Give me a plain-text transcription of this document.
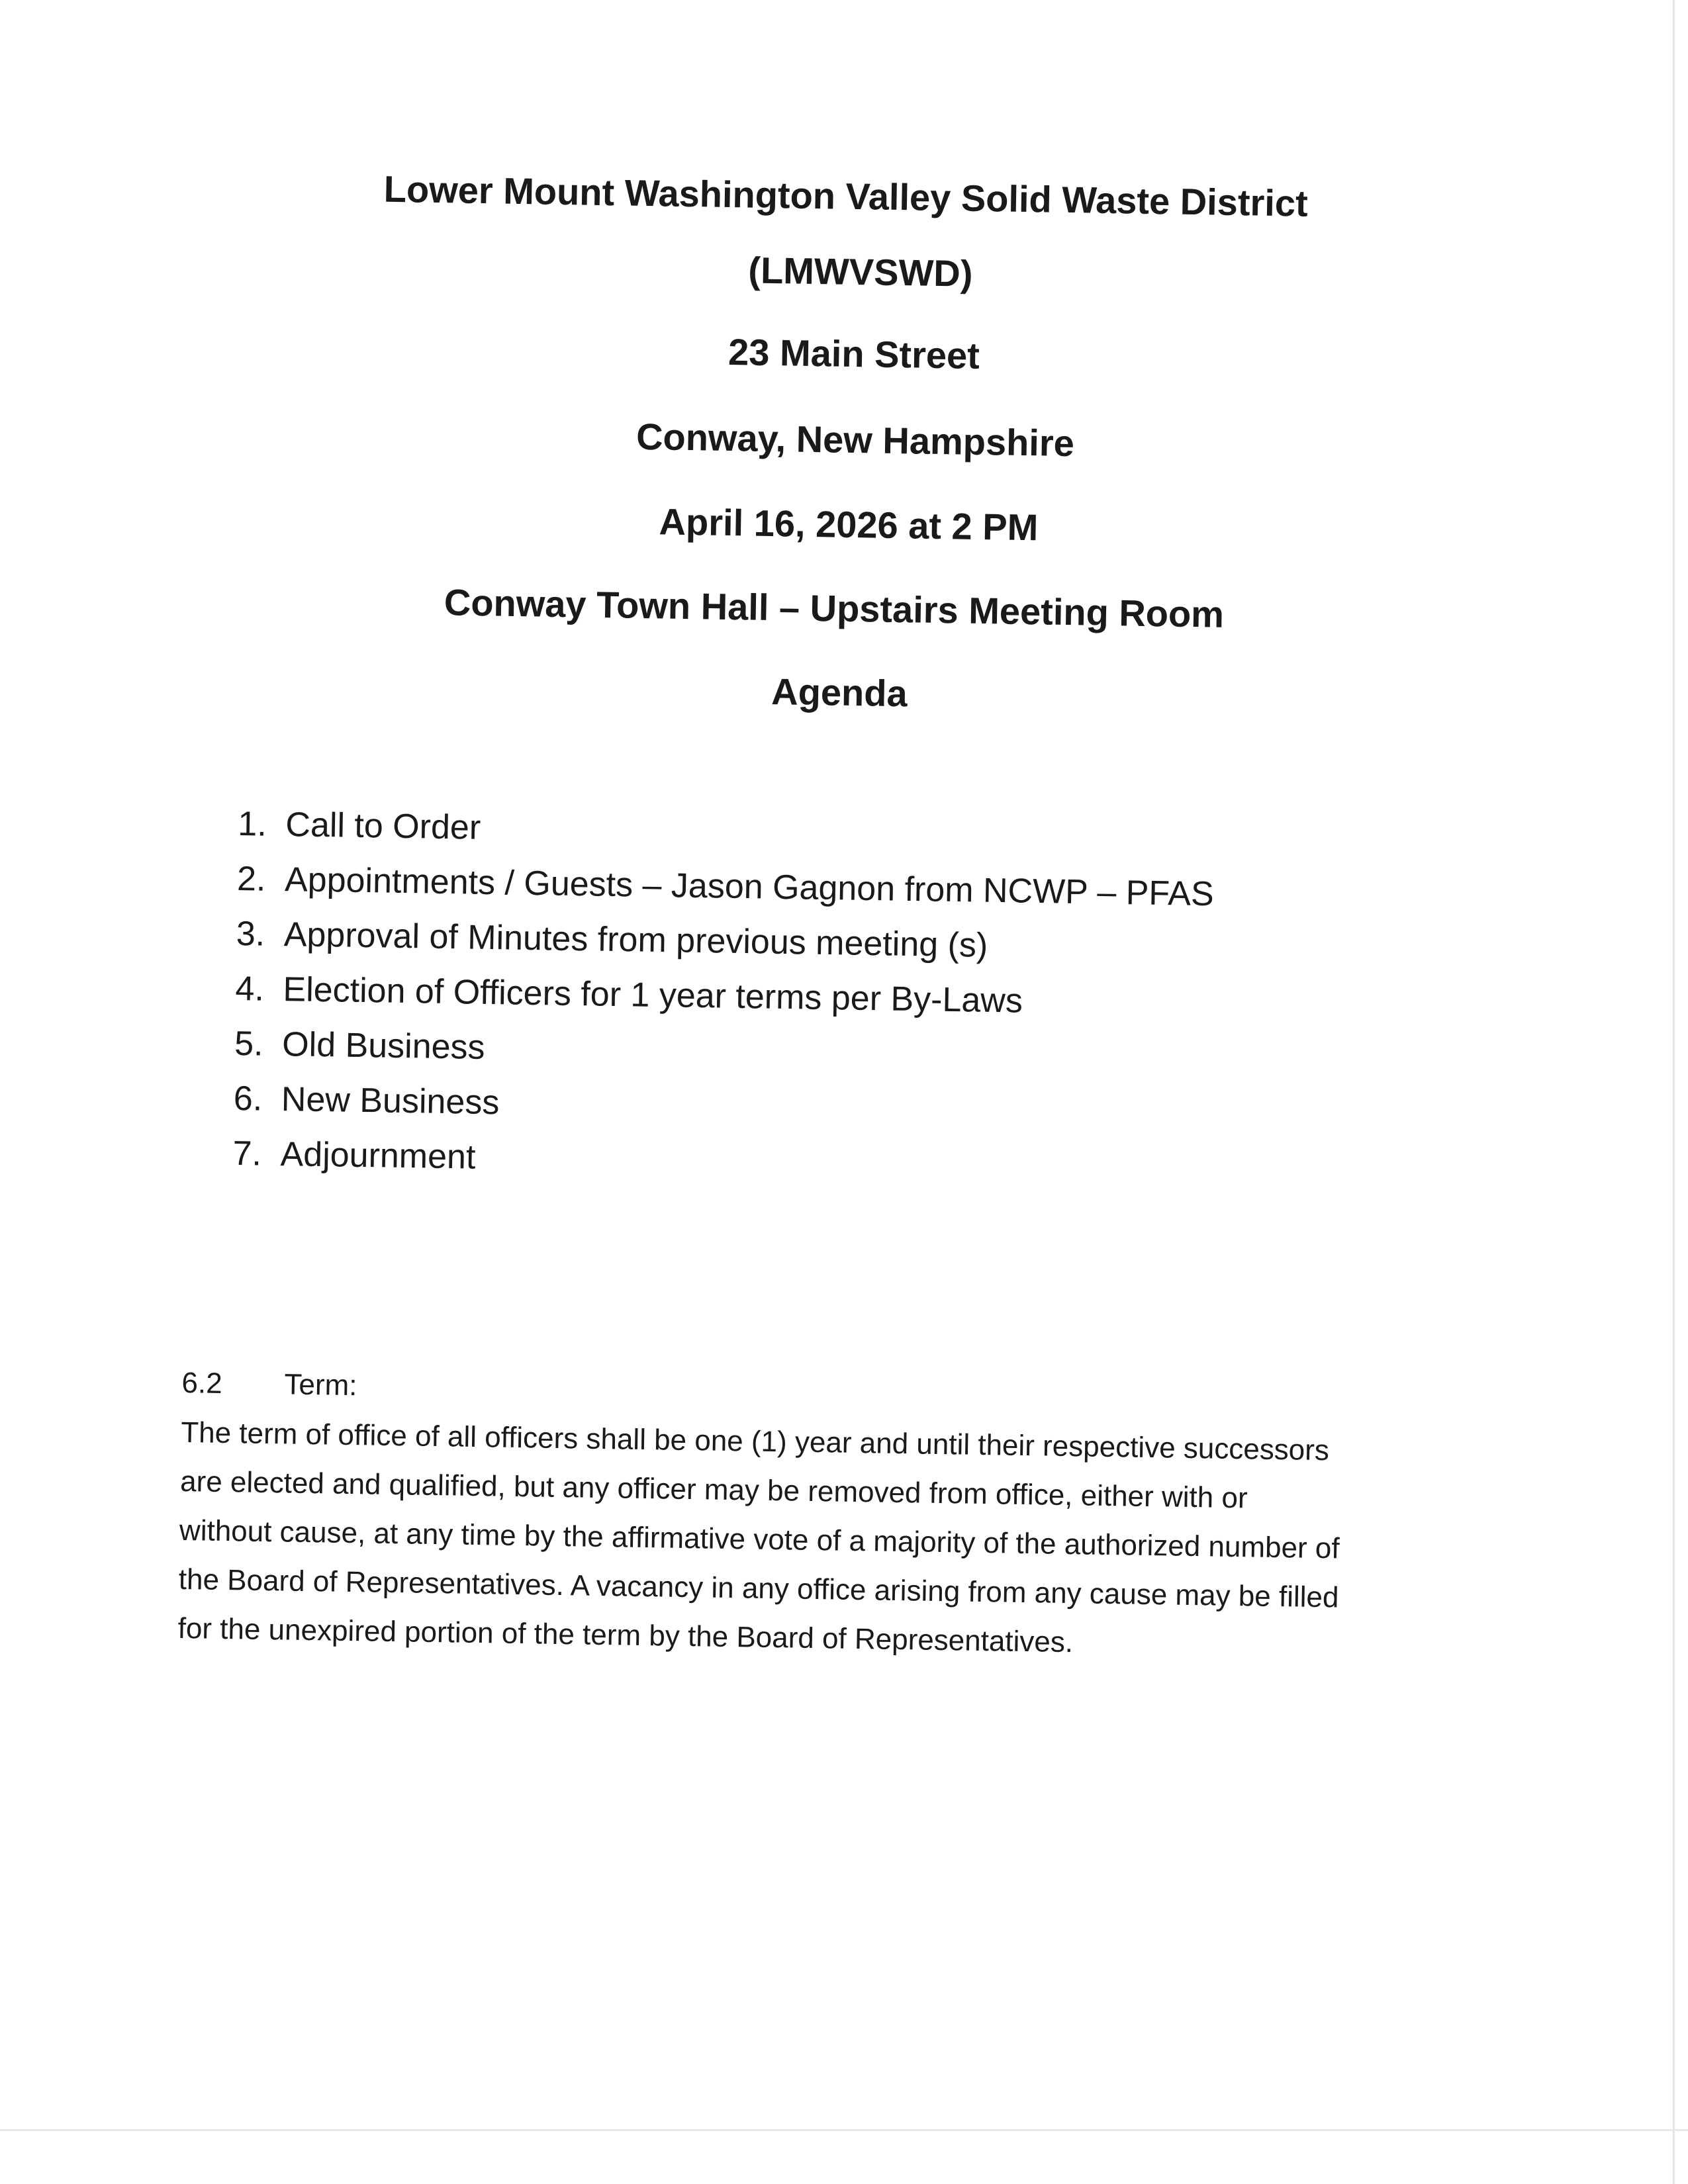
Lower Mount Washington Valley Solid Waste District
(LMWVSWD)
23 Main Street
Conway, New Hampshire
April 16, 2026 at 2 PM
Conway Town Hall – Upstairs Meeting Room
Agenda
1. Call to Order
2. Appointments / Guests – Jason Gagnon from NCWP – PFAS
3. Approval of Minutes from previous meeting (s)
4. Election of Officers for 1 year terms per By-Laws
5. Old Business
6. New Business
7. Adjournment
6.2 Term:
The term of office of all officers shall be one (1) year and until their respective successors
are elected and qualified, but any officer may be removed from office, either with or
without cause, at any time by the affirmative vote of a majority of the authorized number of
the Board of Representatives. A vacancy in any office arising from any cause may be filled
for the unexpired portion of the term by the Board of Representatives.
